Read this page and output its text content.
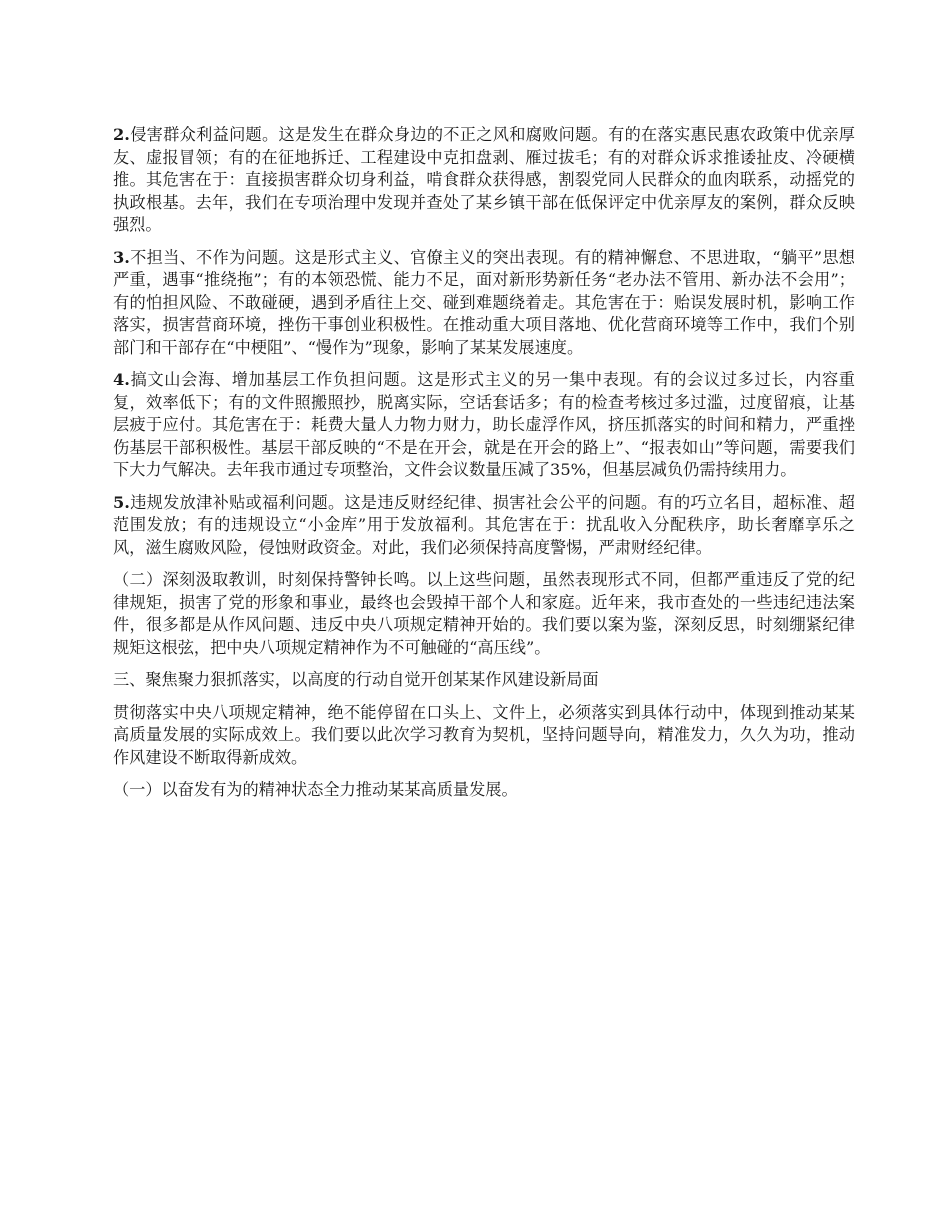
2.侵害群众利益问题。这是发生在群众身边的不正之风和腐败问题。有的在落实惠民惠农政策中优亲厚友、虚报冒领；有的在征地拆迁、工程建设中克扣盘剥、雁过拔毛；有的对群众诉求推诿扯皮、冷硬横推。其危害在于：直接损害群众切身利益，啃食群众获得感，割裂党同人民群众的血肉联系，动摇党的执政根基。去年，我们在专项治理中发现并查处了某乡镇干部在低保评定中优亲厚友的案例，群众反映强烈。

3.不担当、不作为问题。这是形式主义、官僚主义的突出表现。有的精神懈怠、不思进取，“躺平”思想严重，遇事“推绕拖”；有的本领恐慌、能力不足，面对新形势新任务“老办法不管用、新办法不会用”；有的怕担风险、不敢碰硬，遇到矛盾往上交、碰到难题绕着走。其危害在于：贻误发展时机，影响工作落实，损害营商环境，挫伤干事创业积极性。在推动重大项目落地、优化营商环境等工作中，我们个别部门和干部存在“中梗阻”、“慢作为”现象，影响了某某发展速度。

4.搞文山会海、增加基层工作负担问题。这是形式主义的另一集中表现。有的会议过多过长，内容重复，效率低下；有的文件照搬照抄，脱离实际，空话套话多；有的检查考核过多过滥，过度留痕，让基层疲于应付。其危害在于：耗费大量人力物力财力，助长虚浮作风，挤压抓落实的时间和精力，严重挫伤基层干部积极性。基层干部反映的“不是在开会，就是在开会的路上”、“报表如山”等问题，需要我们下大力气解决。去年我市通过专项整治，文件会议数量压减了35%，但基层减负仍需持续用力。

5.违规发放津补贴或福利问题。这是违反财经纪律、损害社会公平的问题。有的巧立名目，超标准、超范围发放；有的违规设立“小金库”用于发放福利。其危害在于：扰乱收入分配秩序，助长奢靡享乐之风，滋生腐败风险，侵蚀财政资金。对此，我们必须保持高度警惕，严肃财经纪律。

（二）深刻汲取教训，时刻保持警钟长鸣。以上这些问题，虽然表现形式不同，但都严重违反了党的纪律规矩，损害了党的形象和事业，最终也会毁掉干部个人和家庭。近年来，我市查处的一些违纪违法案件，很多都是从作风问题、违反中央八项规定精神开始的。我们要以案为鉴，深刻反思，时刻绷紧纪律规矩这根弦，把中央八项规定精神作为不可触碰的“高压线”。

三、聚焦聚力狠抓落实，以高度的行动自觉开创某某作风建设新局面

贯彻落实中央八项规定精神，绝不能停留在口头上、文件上，必须落实到具体行动中，体现到推动某某高质量发展的实际成效上。我们要以此次学习教育为契机，坚持问题导向，精准发力，久久为功，推动作风建设不断取得新成效。

（一）以奋发有为的精神状态全力推动某某高质量发展。
